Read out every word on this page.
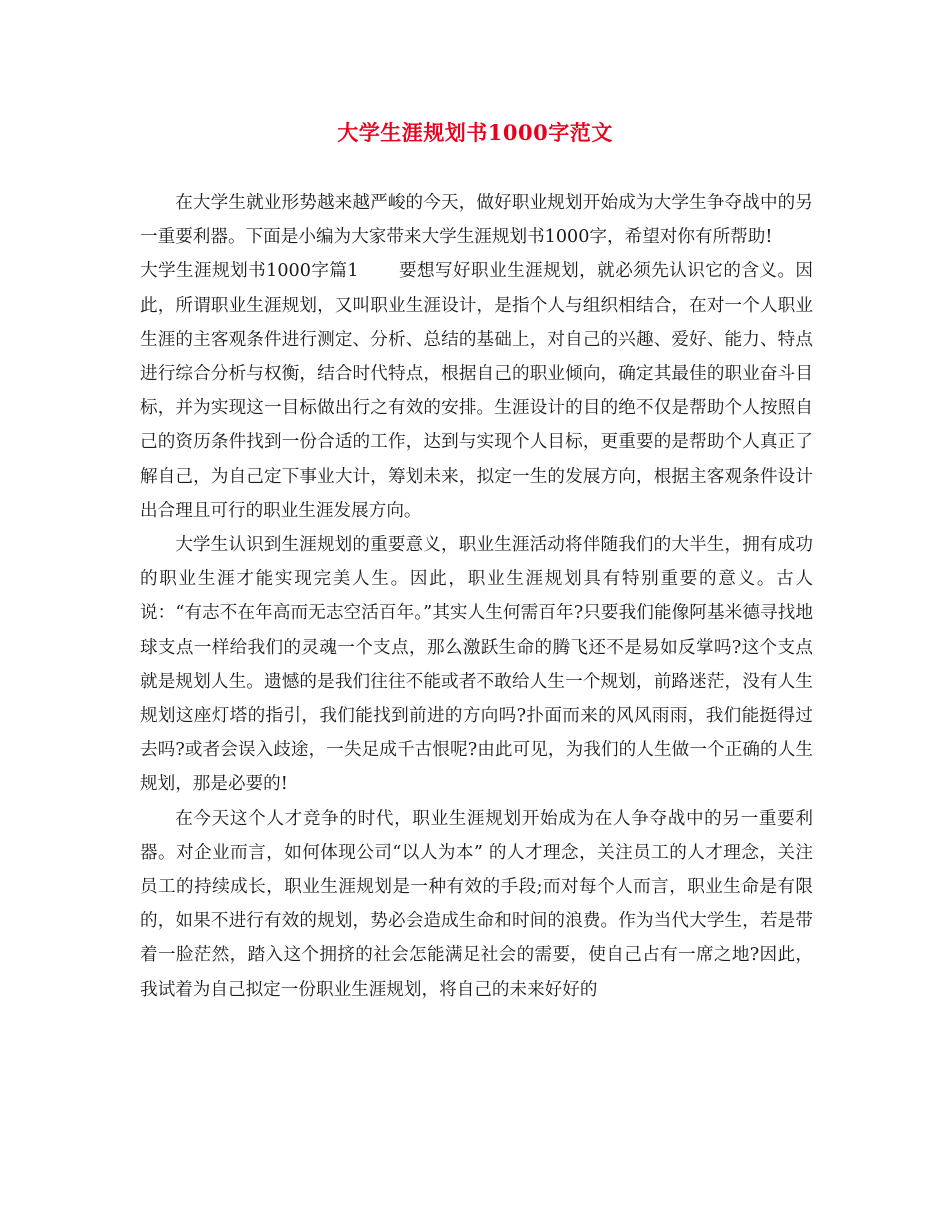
大学生涯规划书1000字范文

在大学生就业形势越来越严峻的今天，做好职业规划开始成为大学生争夺战中的另一重要利器。下面是小编为大家带来大学生涯规划书1000字，希望对你有所帮助!

大学生涯规划书1000字篇1 要想写好职业生涯规划，就必须先认识它的含义。因此，所谓职业生涯规划，又叫职业生涯设计，是指个人与组织相结合，在对一个人职业生涯的主客观条件进行测定、分析、总结的基础上，对自己的兴趣、爱好、能力、特点进行综合分析与权衡，结合时代特点，根据自己的职业倾向，确定其最佳的职业奋斗目标，并为实现这一目标做出行之有效的安排。生涯设计的目的绝不仅是帮助个人按照自己的资历条件找到一份合适的工作，达到与实现个人目标，更重要的是帮助个人真正了解自己，为自己定下事业大计，筹划未来，拟定一生的发展方向，根据主客观条件设计出合理且可行的职业生涯发展方向。

大学生认识到生涯规划的重要意义，职业生涯活动将伴随我们的大半生，拥有成功的职业生涯才能实现完美人生。因此，职业生涯规划具有特别重要的意义。古人说：“有志不在年高而无志空活百年。”其实人生何需百年?只要我们能像阿基米德寻找地球支点一样给我们的灵魂一个支点，那么激跃生命的腾飞还不是易如反掌吗?这个支点就是规划人生。遗憾的是我们往往不能或者不敢给人生一个规划，前路迷茫，没有人生规划这座灯塔的指引，我们能找到前进的方向吗?扑面而来的风风雨雨，我们能挺得过去吗?或者会误入歧途，一失足成千古恨呢?由此可见，为我们的人生做一个正确的人生规划，那是必要的!

在今天这个人才竞争的时代，职业生涯规划开始成为在人争夺战中的另一重要利器。对企业而言，如何体现公司“以人为本” 的人才理念，关注员工的人才理念，关注员工的持续成长，职业生涯规划是一种有效的手段;而对每个人而言，职业生命是有限的，如果不进行有效的规划，势必会造成生命和时间的浪费。作为当代大学生，若是带着一脸茫然，踏入这个拥挤的社会怎能满足社会的需要，使自己占有一席之地?因此，我试着为自己拟定一份职业生涯规划，将自己的未来好好的
